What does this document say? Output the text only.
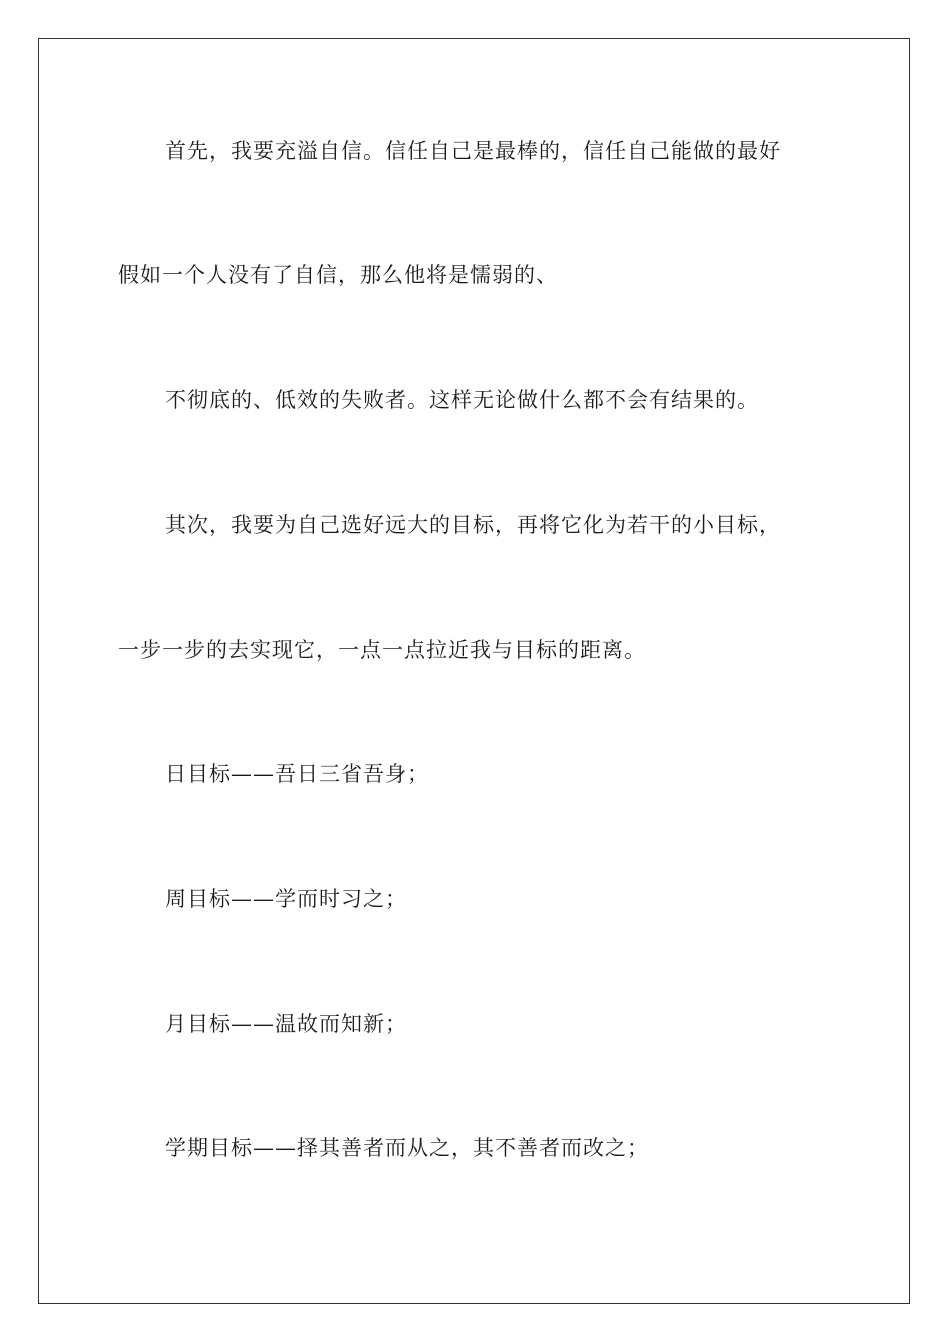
首先，我要充溢自信。信任自己是最棒的，信任自己能做的最好
假如一个人没有了自信，那么他将是懦弱的、
不彻底的、低效的失败者。这样无论做什么都不会有结果的。
其次，我要为自己选好远大的目标，再将它化为若干的小目标，
一步一步的去实现它，一点一点拉近我与目标的距离。
日目标——吾日三省吾身；
周目标——学而时习之；
月目标——温故而知新；
学期目标——择其善者而从之，其不善者而改之；
